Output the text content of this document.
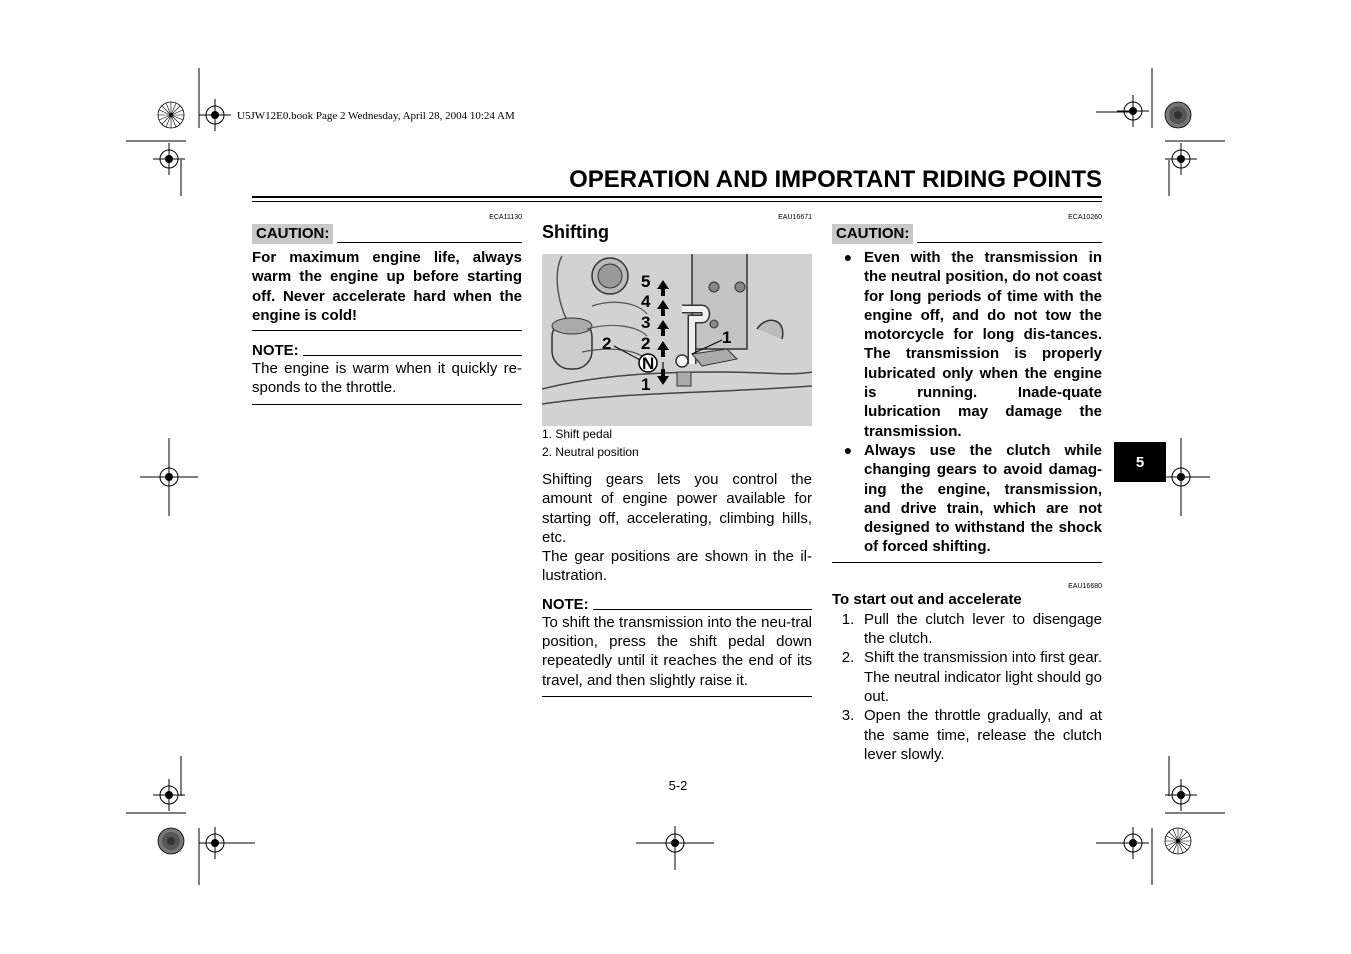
U5JW12E0.book Page 2 Wednesday, April 28, 2004 10:24 AM
OPERATION AND IMPORTANT RIDING POINTS
ECA11130
CAUTION:
For maximum engine life, always warm the engine up before starting off. Never accelerate hard when the engine is cold!
NOTE:
The engine is warm when it quickly re-sponds to the throttle.
EAU16671
Shifting
5
4
3
2
N
1
1
2
1. Shift pedal
2. Neutral position
Shifting gears lets you control the amount of engine power available for starting off, accelerating, climbing hills, etc.
The gear positions are shown in the il-lustration.
NOTE:
To shift the transmission into the neu-tral position, press the shift pedal down repeatedly until it reaches the end of its travel, and then slightly raise it.
ECA10260
CAUTION:
● Even with the transmission in the neutral position, do not coast for long periods of time with the engine off, and do not tow the motorcycle for long dis-tances. The transmission is properly lubricated only when the engine is running. Inade-quate lubrication may damage the transmission.
● Always use the clutch while changing gears to avoid damag-ing the engine, transmission, and drive train, which are not designed to withstand the shock of forced shifting.
EAU16680
To start out and accelerate
1. Pull the clutch lever to disengage the clutch.
2. Shift the transmission into first gear. The neutral indicator light should go out.
3. Open the throttle gradually, and at the same time, release the clutch lever slowly.
5
5-2
